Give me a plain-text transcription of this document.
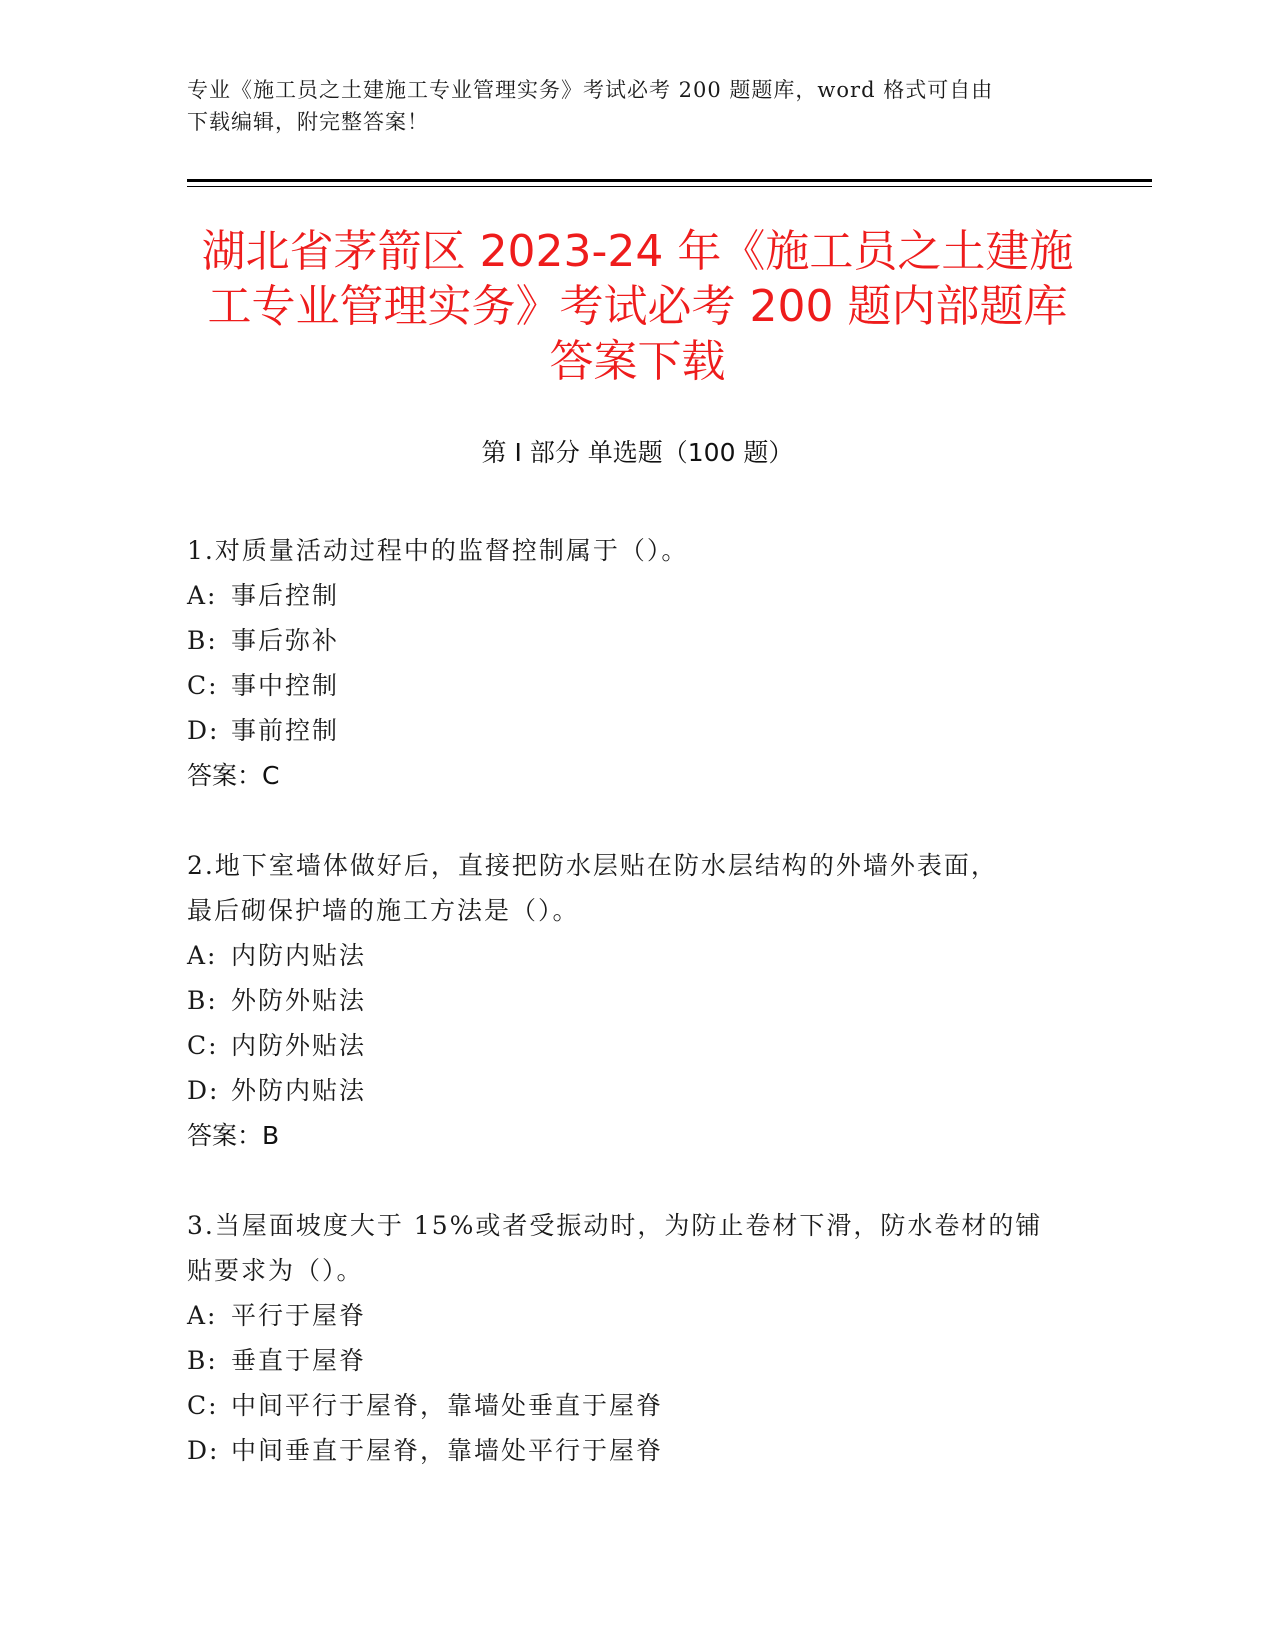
专业《施工员之土建施工专业管理实务》考试必考 200 题题库，word 格式可自由
下载编辑，附完整答案！
湖北省茅箭区 2023-24 年《施工员之土建施
工专业管理实务》考试必考 200 题内部题库
答案下载
第 I 部分 单选题（100 题）
1.对质量活动过程中的监督控制属于（）。
A: 事后控制
B: 事后弥补
C: 事中控制
D: 事前控制
答案：C
2.地下室墙体做好后，直接把防水层贴在防水层结构的外墙外表面，
最后砌保护墙的施工方法是（）。
A: 内防内贴法
B: 外防外贴法
C: 内防外贴法
D: 外防内贴法
答案：B
3.当屋面坡度大于 15%或者受振动时，为防止卷材下滑，防水卷材的铺
贴要求为（）。
A: 平行于屋脊
B: 垂直于屋脊
C: 中间平行于屋脊，靠墙处垂直于屋脊
D: 中间垂直于屋脊，靠墙处平行于屋脊
